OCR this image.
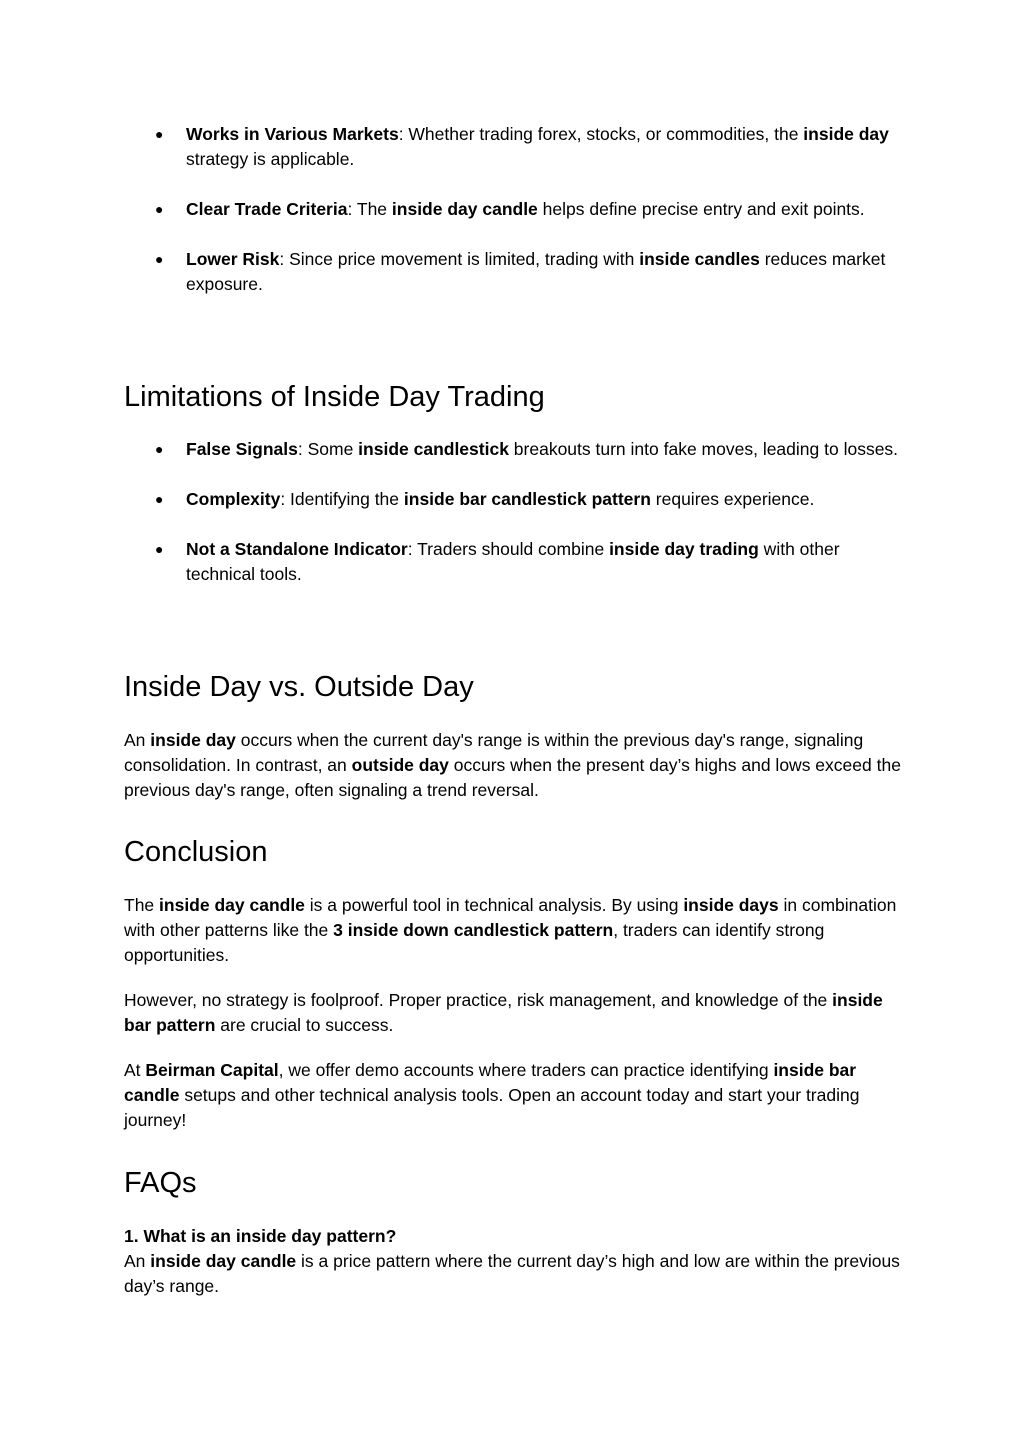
● Works in Various Markets: Whether trading forex, stocks, or commodities, the inside day strategy is applicable.
● Clear Trade Criteria: The inside day candle helps define precise entry and exit points.
● Lower Risk: Since price movement is limited, trading with inside candles reduces market exposure.
Limitations of Inside Day Trading
● False Signals: Some inside candlestick breakouts turn into fake moves, leading to losses.
● Complexity: Identifying the inside bar candlestick pattern requires experience.
● Not a Standalone Indicator: Traders should combine inside day trading with other technical tools.
Inside Day vs. Outside Day

An inside day occurs when the current day's range is within the previous day's range, signaling consolidation. In contrast, an outside day occurs when the present day’s highs and lows exceed the previous day's range, often signaling a trend reversal.

Conclusion

The inside day candle is a powerful tool in technical analysis. By using inside days in combination with other patterns like the 3 inside down candlestick pattern, traders can identify strong opportunities.

However, no strategy is foolproof. Proper practice, risk management, and knowledge of the inside bar pattern are crucial to success.

At Beirman Capital, we offer demo accounts where traders can practice identifying inside bar candle setups and other technical analysis tools. Open an account today and start your trading journey!

FAQs

1. What is an inside day pattern?
An inside day candle is a price pattern where the current day’s high and low are within the previous day’s range.
